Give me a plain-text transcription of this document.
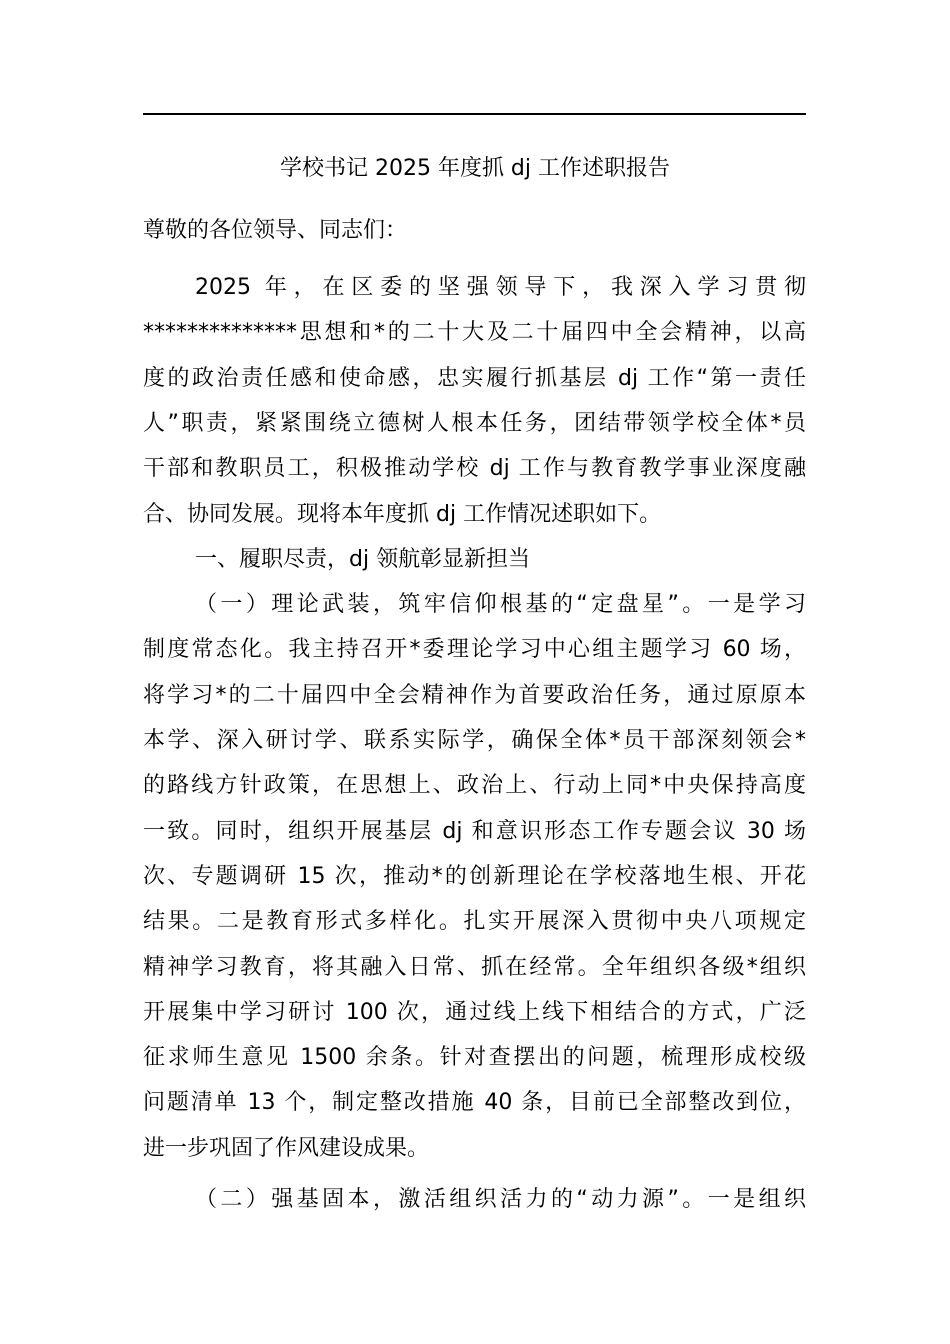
学校书记 2025 年度抓 dj 工作述职报告
尊敬的各位领导、同志们：
2025 年，在区委的坚强领导下，我深入学习贯彻
**************思想和*的二十大及二十届四中全会精神，以高
度的政治责任感和使命感，忠实履行抓基层 dj 工作“第一责任
人”职责，紧紧围绕立德树人根本任务，团结带领学校全体*员
干部和教职员工，积极推动学校 dj 工作与教育教学事业深度融
合、协同发展。现将本年度抓 dj 工作情况述职如下。
一、履职尽责，dj 领航彰显新担当
（一）理论武装，筑牢信仰根基的“定盘星”。一是学习
制度常态化。我主持召开*委理论学习中心组主题学习 60 场，
将学习*的二十届四中全会精神作为首要政治任务，通过原原本
本学、深入研讨学、联系实际学，确保全体*员干部深刻领会*
的路线方针政策，在思想上、政治上、行动上同*中央保持高度
一致。同时，组织开展基层 dj 和意识形态工作专题会议 30 场
次、专题调研 15 次，推动*的创新理论在学校落地生根、开花
结果。二是教育形式多样化。扎实开展深入贯彻中央八项规定
精神学习教育，将其融入日常、抓在经常。全年组织各级*组织
开展集中学习研讨 100 次，通过线上线下相结合的方式，广泛
征求师生意见 1500 余条。针对查摆出的问题，梳理形成校级
问题清单 13 个，制定整改措施 40 条，目前已全部整改到位，
进一步巩固了作风建设成果。
（二）强基固本，激活组织活力的“动力源”。一是组织
